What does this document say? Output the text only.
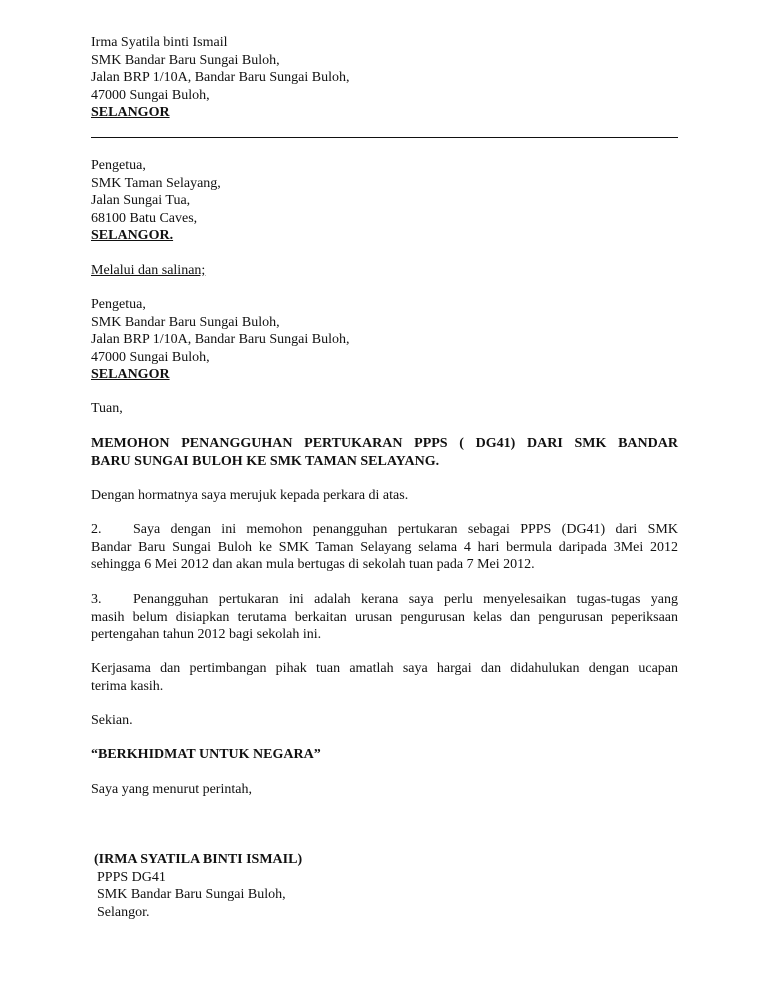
Irma Syatila binti Ismail
SMK Bandar Baru Sungai Buloh,
Jalan BRP 1/10A, Bandar Baru Sungai Buloh,
47000 Sungai Buloh,
SELANGOR
Pengetua,
SMK Taman Selayang,
Jalan Sungai Tua,
68100 Batu Caves,
SELANGOR.
Melalui dan salinan;
Pengetua,
SMK Bandar Baru Sungai Buloh,
Jalan BRP 1/10A, Bandar Baru Sungai Buloh,
47000 Sungai Buloh,
SELANGOR
Tuan,
MEMOHON PENANGGUHAN PERTUKARAN PPPS ( DG41) DARI SMK BANDAR
BARU SUNGAI BULOH KE SMK TAMAN SELAYANG.
Dengan hormatnya saya merujuk kepada perkara di atas.
2. Saya dengan ini memohon penangguhan pertukaran sebagai PPPS (DG41) dari SMK
Bandar Baru Sungai Buloh ke SMK Taman Selayang selama 4 hari bermula daripada 3Mei 2012
sehingga 6 Mei 2012 dan akan mula bertugas di sekolah tuan pada 7 Mei 2012.
3. Penangguhan pertukaran ini adalah kerana saya perlu menyelesaikan tugas-tugas yang
masih belum disiapkan terutama berkaitan urusan pengurusan kelas dan pengurusan peperiksaan
pertengahan tahun 2012 bagi sekolah ini.
Kerjasama dan pertimbangan pihak tuan amatlah saya hargai dan didahulukan dengan ucapan
terima kasih.
Sekian.
“BERKHIDMAT UNTUK NEGARA”
Saya yang menurut perintah,
(IRMA SYATILA BINTI ISMAIL)
PPPS DG41
SMK Bandar Baru Sungai Buloh,
Selangor.
